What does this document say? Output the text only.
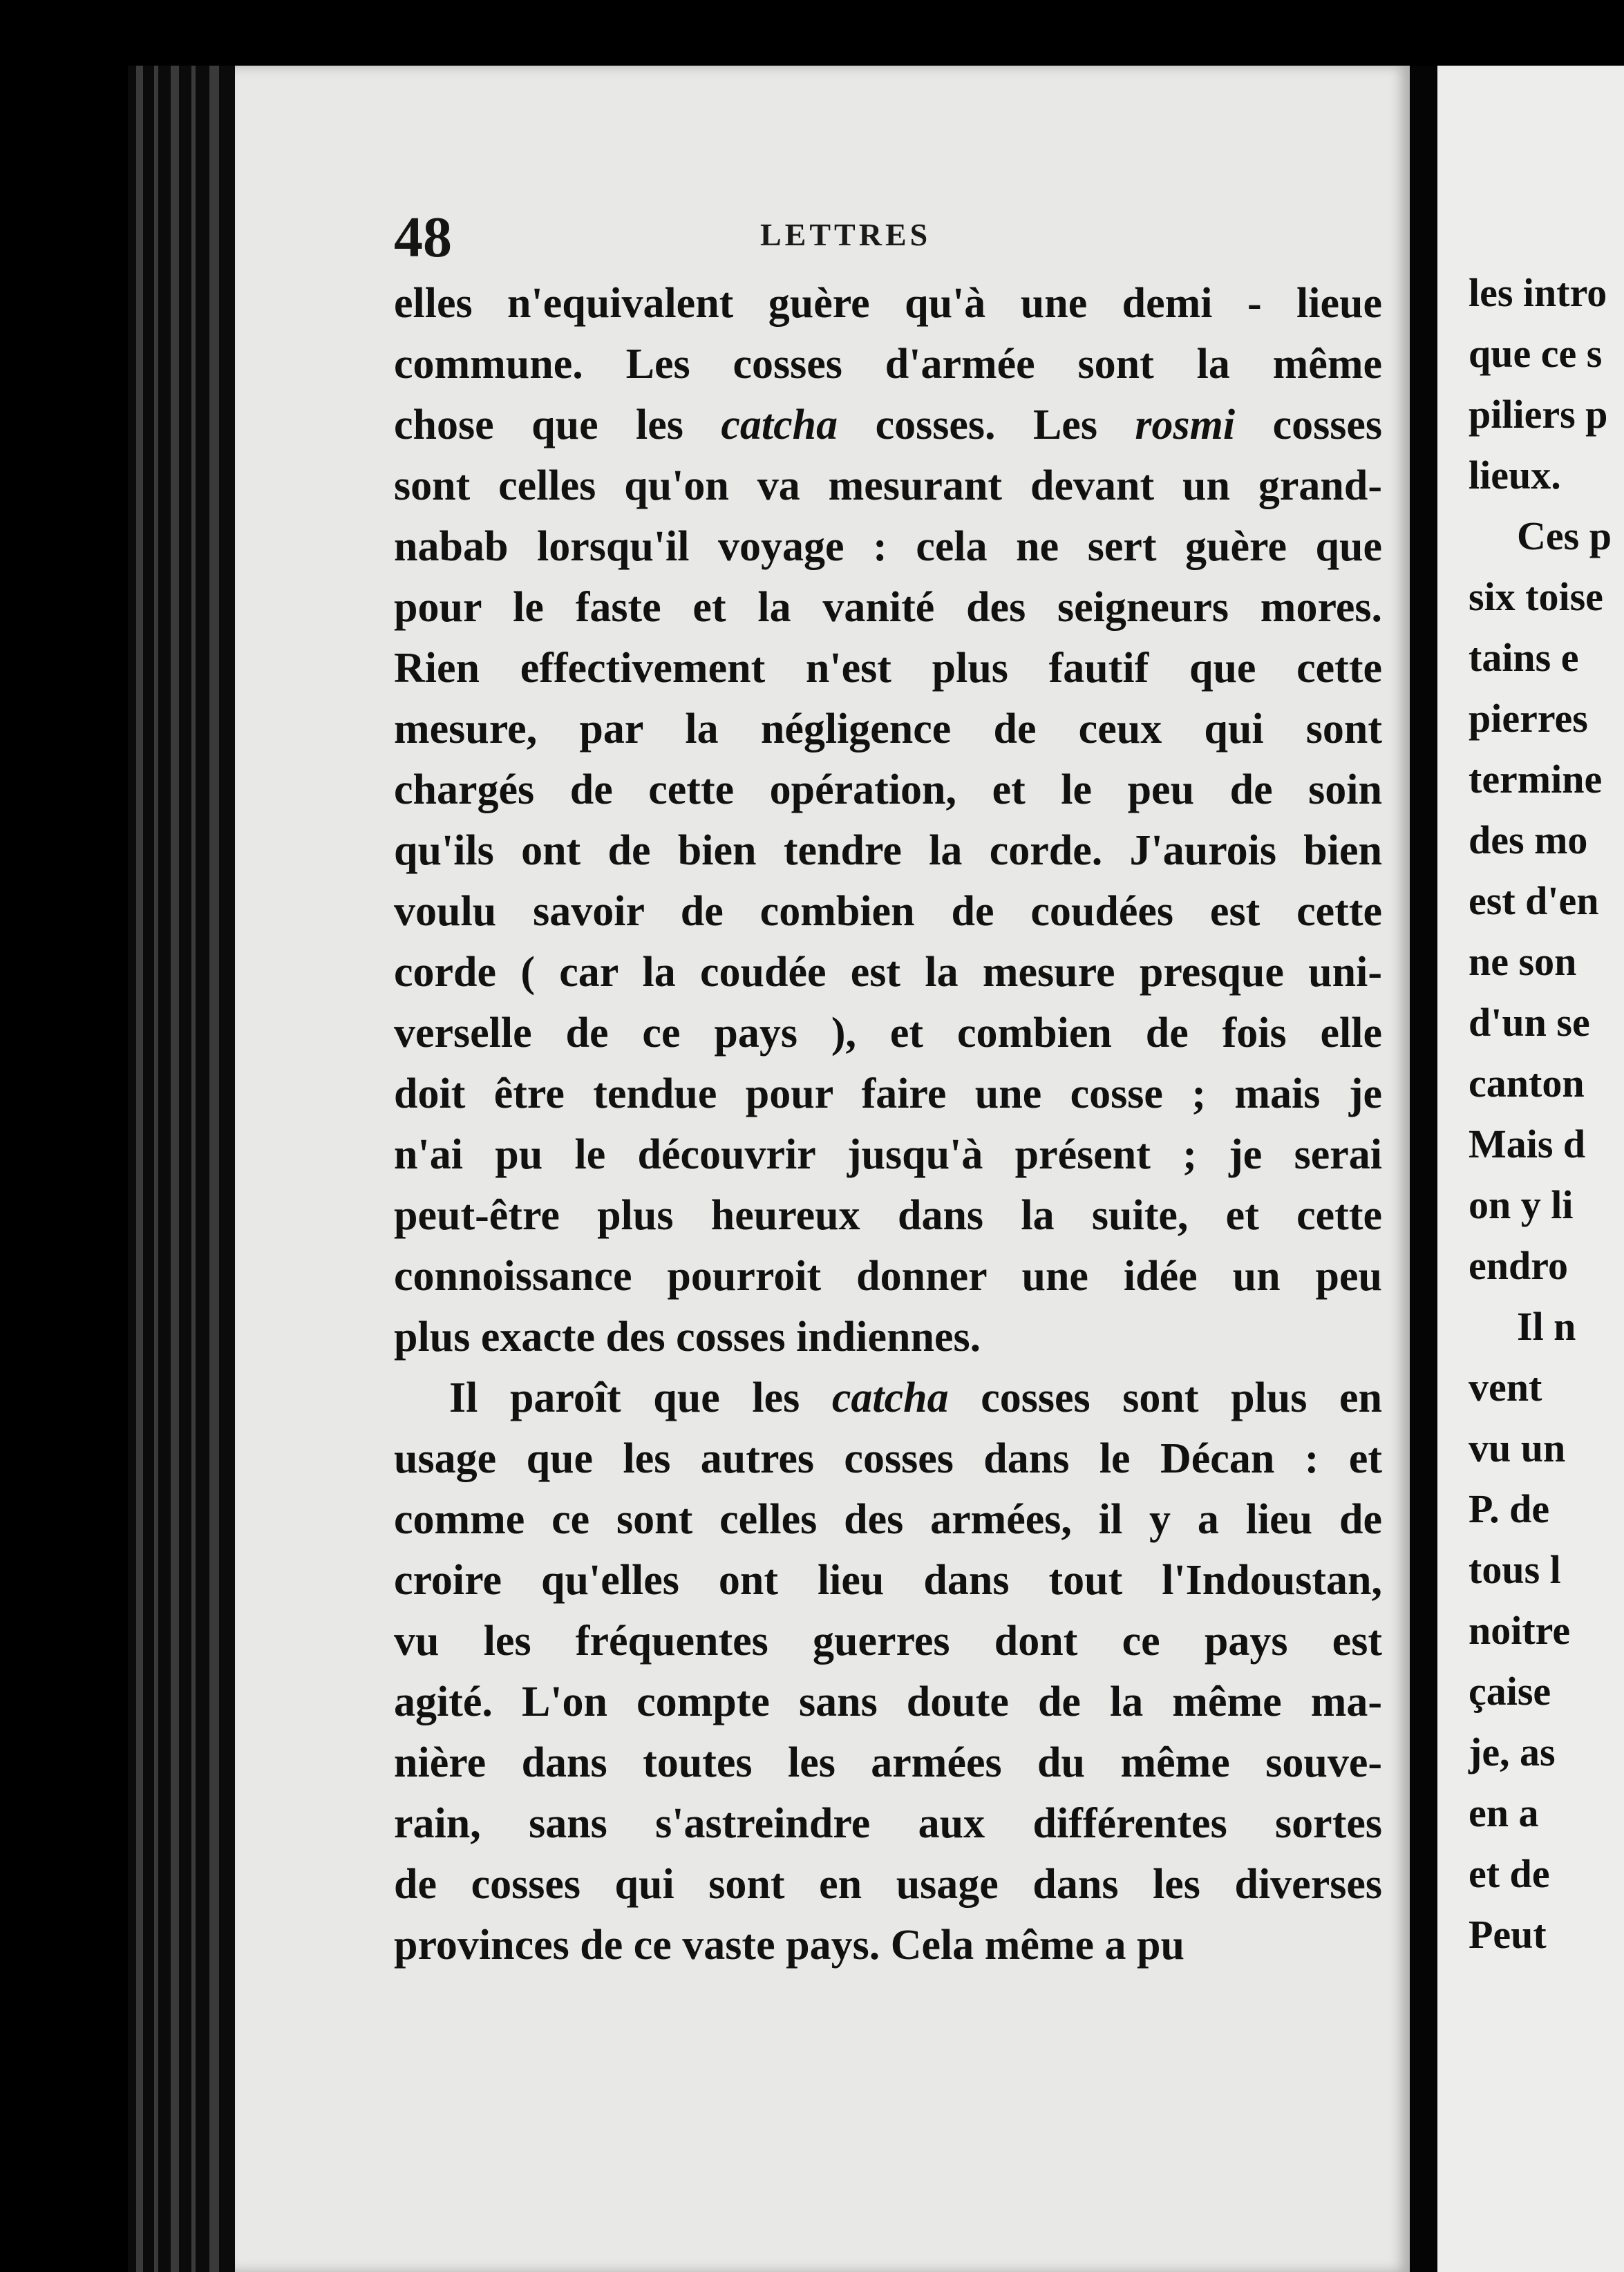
48	LETTRES

elles n'equivalent guère qu'à une demi - lieue
commune. Les cosses d'armée sont la même
chose que les catcha cosses. Les rosmi cosses
sont celles qu'on va mesurant devant un grand-
nabab lorsqu'il voyage : cela ne sert guère que
pour le faste et la vanité des seigneurs mores.
Rien effectivement n'est plus fautif que cette
mesure, par la négligence de ceux qui sont
chargés de cette opération, et le peu de soin
qu'ils ont de bien tendre la corde. J'aurois bien
voulu savoir de combien de coudées est cette
corde ( car la coudée est la mesure presque uni-
verselle de ce pays ), et combien de fois elle
doit être tendue pour faire une cosse ; mais je
n'ai pu le découvrir jusqu'à présent ; je serai
peut-être plus heureux dans la suite, et cette
connoissance pourroit donner une idée un peu
plus exacte des cosses indiennes.

Il paroît que les catcha cosses sont plus en
usage que les autres cosses dans le Décan : et
comme ce sont celles des armées, il y a lieu de
croire qu'elles ont lieu dans tout l'Indoustan,
vu les fréquentes guerres dont ce pays est
agité. L'on compte sans doute de la même ma-
nière dans toutes les armées du même souve-
rain, sans s'astreindre aux différentes sortes
de cosses qui sont en usage dans les diverses
provinces de ce vaste pays. Cela même a pu

les intro
que ce s
piliers p
lieux.
Ces p
six toise
tains e
pierres
termine
des mo
est d'en
ne son
d'un se
canton
Mais d
on y li
endro
Il n
vent
vu un
P. de
tous l
noitre
çaise
je, as
en a
et de
Peut
